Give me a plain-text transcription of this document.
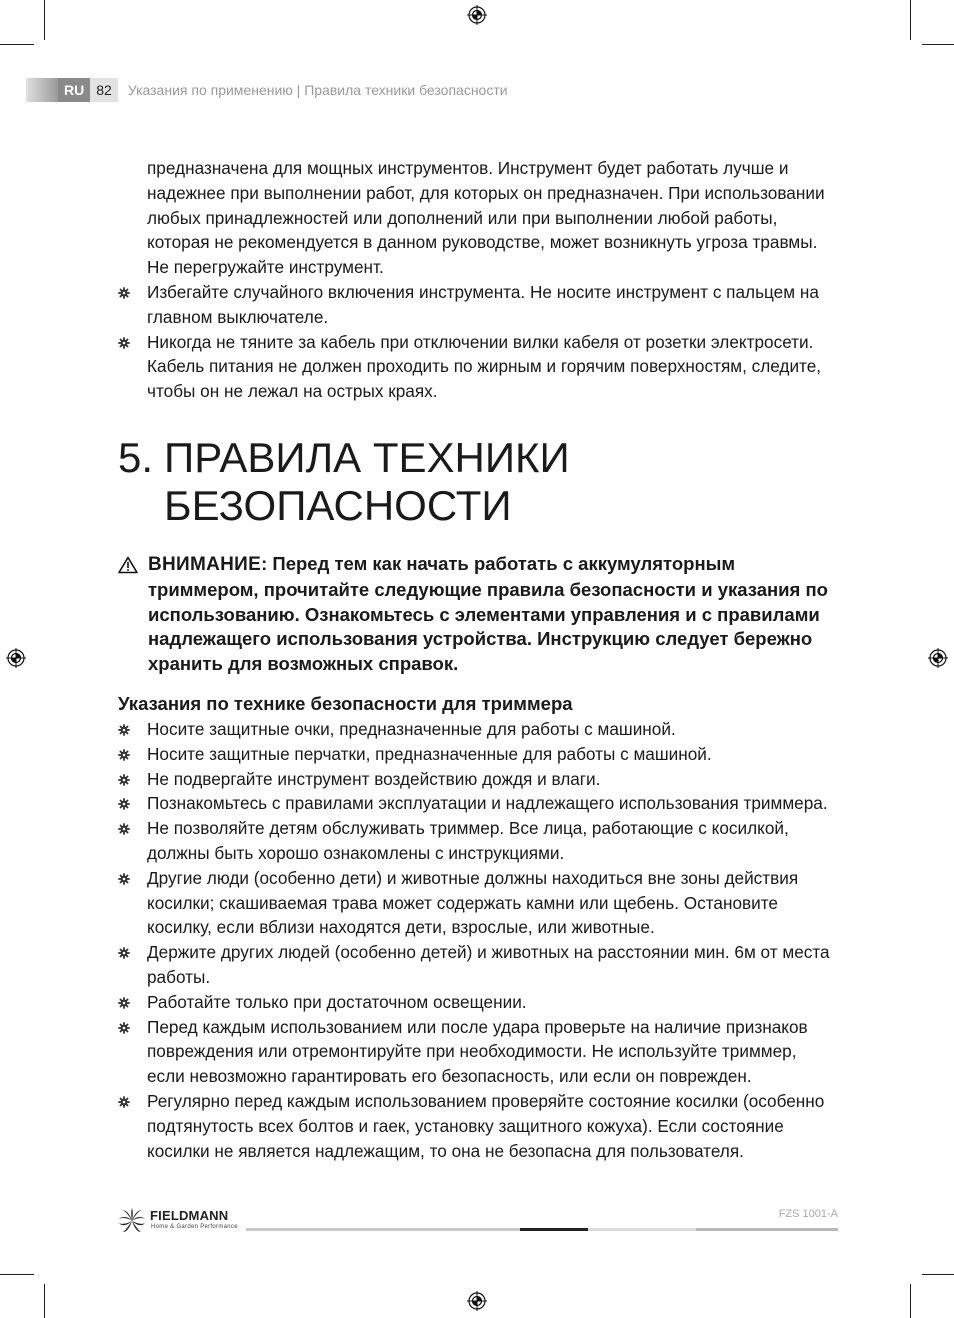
RU 82	Указания по применению | Правила техники безопасности

предназначена для мощных инструментов. Инструмент будет работать лучше и надежнее при выполнении работ, для которых он предназначен. При использовании любых принадлежностей или дополнений или при выполнении любой работы, которая не рекомендуется в данном руководстве, может возникнуть угроза травмы. Не перегружайте инструмент.

Избегайте случайного включения инструмента. Не носите инструмент с пальцем на главном выключателе.
Никогда не тяните за кабель при отключении вилки кабеля от розетки электросети. Кабель питания не должен проходить по жирным и горячим поверхностям, следите, чтобы он не лежал на острых краях.
5. ПРАВИЛА ТЕХНИКИ
БЕЗОПАСНОСТИ
ВНИМАНИЕ: Перед тем как начать работать с аккумуляторным триммером, прочитайте следующие правила безопасности и указания по использованию. Ознакомьтесь с элементами управления и с правилами надлежащего использования устройства. Инструкцию следует бережно хранить для возможных справок.
Указания по технике безопасности для триммера
Носите защитные очки, предназначенные для работы с машиной.
Носите защитные перчатки, предназначенные для работы с машиной.
Не подвергайте инструмент воздействию дождя и влаги.
Познакомьтесь с правилами эксплуатации и надлежащего использования триммера.
Не позволяйте детям обслуживать триммер. Все лица, работающие с косилкой, должны быть хорошо ознакомлены с инструкциями.
Другие люди (особенно дети) и животные должны находиться вне зоны действия косилки; скашиваемая трава может содержать камни или щебень. Остановите косилку, если вблизи находятся дети, взрослые, или животные.
Держите других людей (особенно детей) и животных на расстоянии мин. 6м от места работы.
Работайте только при достаточном освещении.
Перед каждым использованием или после удара проверьте на наличие признаков повреждения или отремонтируйте при необходимости. Не используйте триммер, если невозможно гарантировать его безопасность, или если он поврежден.
Регулярно перед каждым использованием проверяйте состояние косилки (особенно подтянутость всех болтов и гаек, установку защитного кожуха). Если состояние косилки не является надлежащим, то она не безопасна для пользователя.
FIELDMANN
Home & Garden Performance
FZS 1001-A
